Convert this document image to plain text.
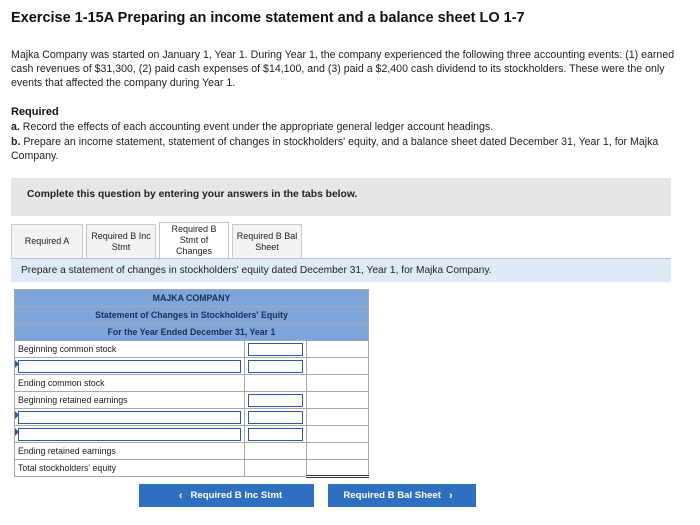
Exercise 1-15A Preparing an income statement and a balance sheet LO 1-7
Majka Company was started on January 1, Year 1. During Year 1, the company experienced the following three accounting events: (1) earned cash revenues of $31,300, (2) paid cash expenses of $14,100, and (3) paid a $2,400 cash dividend to its stockholders. These were the only events that affected the company during Year 1.
Required
a. Record the effects of each accounting event under the appropriate general ledger account headings.
b. Prepare an income statement, statement of changes in stockholders' equity, and a balance sheet dated December 31, Year 1, for Majka Company.
Complete this question by entering your answers in the tabs below.
Required A
Required B Inc
Stmt
Required B
Stmt of
Changes
Required B Bal
Sheet
Prepare a statement of changes in stockholders' equity dated December 31, Year 1, for Majka Company.
MAJKA COMPANY		
Statement of Changes in Stockholders' Equity		
For the Year Ended December 31, Year 1		
Beginning common stock	

Ending common stock		
Beginning retained earnings	

Ending retained earnings		
Total stockholders' equity		
‹ Required B Inc Stmt	Required B Bal Sheet ›
